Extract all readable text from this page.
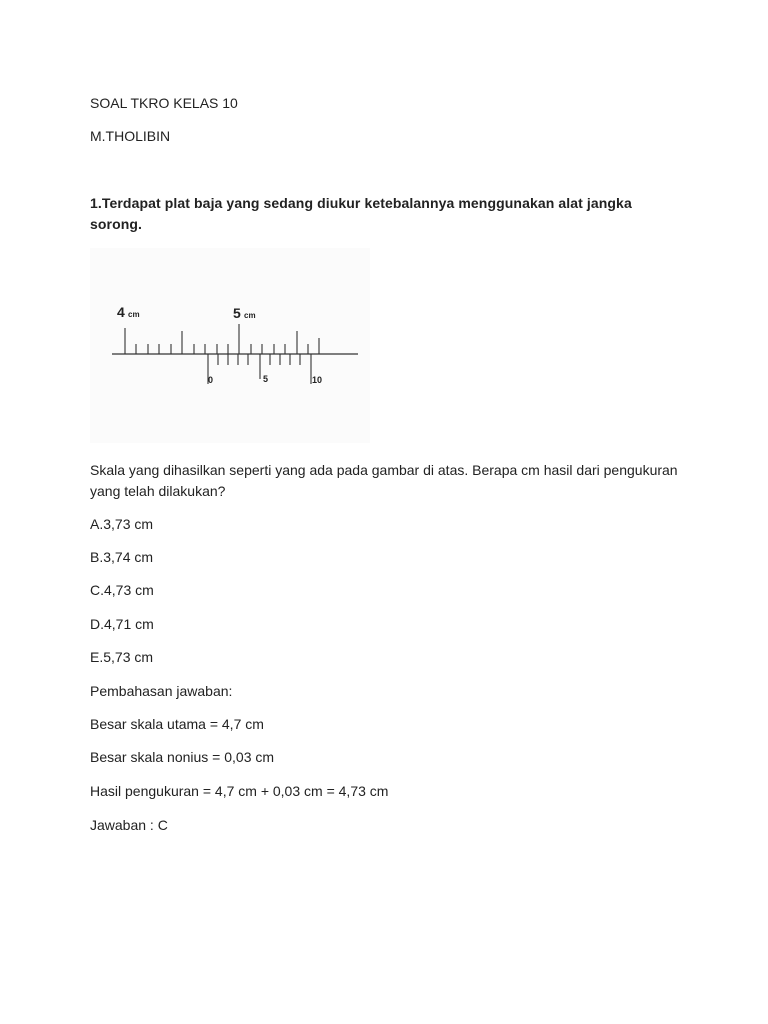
SOAL TKRO KELAS 10
M.THOLIBIN
1.Terdapat plat baja yang sedang diukur ketebalannya menggunakan alat jangka sorong.
4 cm	5 cm
0	5	10
Skala yang dihasilkan seperti yang ada pada gambar di atas. Berapa cm hasil dari pengukuran yang telah dilakukan?
A.3,73 cm
B.3,74 cm
C.4,73 cm
D.4,71 cm
E.5,73 cm
Pembahasan jawaban:
Besar skala utama = 4,7 cm
Besar skala nonius = 0,03 cm
Hasil pengukuran = 4,7 cm + 0,03 cm = 4,73 cm
Jawaban : C
